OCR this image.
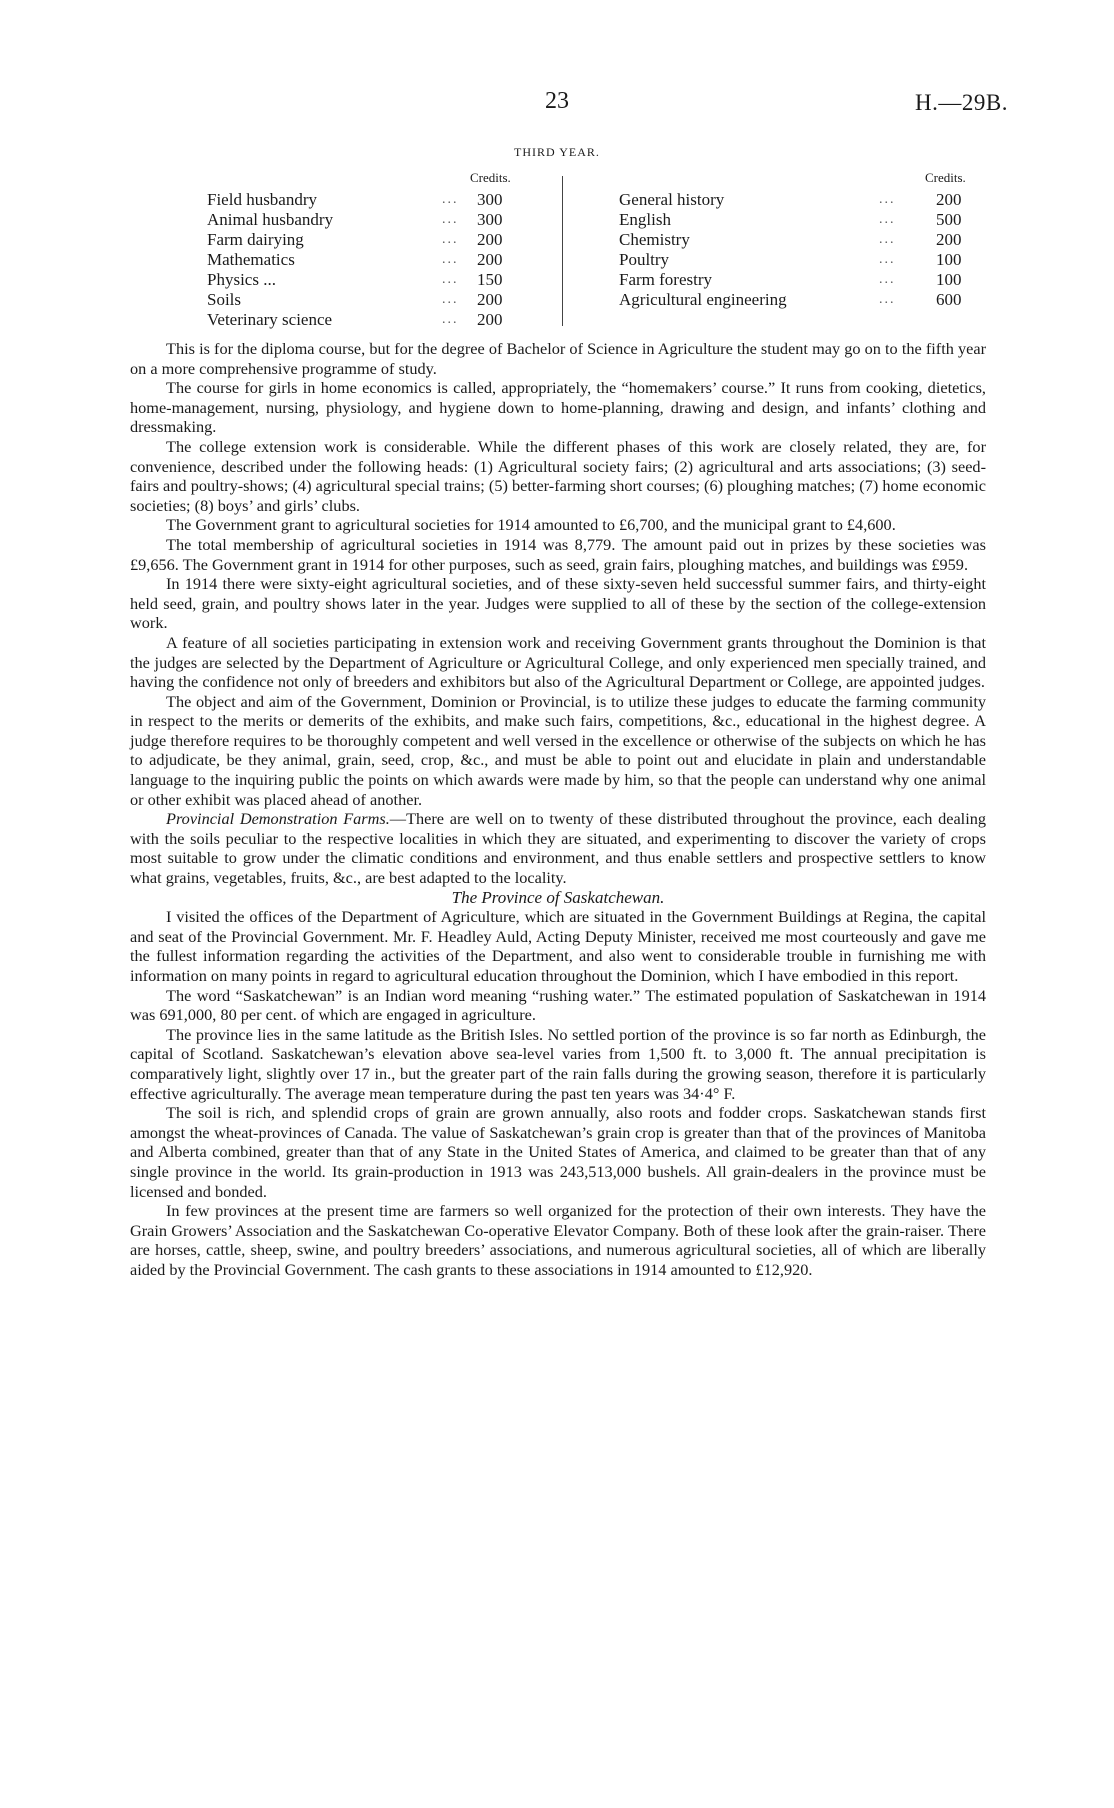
23	H.—29B.
THIRD YEAR.
Credits.
Field husbandry	... 300
Animal husbandry	... 300
Farm dairying	... 200
Mathematics	... 200
Physics ...	... 150
Soils	... 200
Veterinary science	... 200
Credits.
General history	... 200
English	... 500
Chemistry	... 200
Poultry	... 100
Farm forestry	... 100
Agricultural engineering	... 600

This is for the diploma course, but for the degree of Bachelor of Science in Agriculture the student may go on to the fifth year on a more comprehensive programme of study.

The course for girls in home economics is called, appropriately, the “homemakers’ course.” It runs from cooking, dietetics, home-management, nursing, physiology, and hygiene down to home-planning, drawing and design, and infants’ clothing and dressmaking.

The college extension work is considerable. While the different phases of this work are closely related, they are, for convenience, described under the following heads: (1) Agricultural society fairs; (2) agricultural and arts associations; (3) seed-fairs and poultry-shows; (4) agricultural special trains; (5) better-farming short courses; (6) ploughing matches; (7) home economic societies; (8) boys’ and girls’ clubs.

The Government grant to agricultural societies for 1914 amounted to £6,700, and the municipal grant to £4,600.

The total membership of agricultural societies in 1914 was 8,779. The amount paid out in prizes by these societies was £9,656. The Government grant in 1914 for other purposes, such as seed, grain fairs, ploughing matches, and buildings was £959.

In 1914 there were sixty-eight agricultural societies, and of these sixty-seven held successful summer fairs, and thirty-eight held seed, grain, and poultry shows later in the year. Judges were supplied to all of these by the section of the college-extension work.

A feature of all societies participating in extension work and receiving Government grants throughout the Dominion is that the judges are selected by the Department of Agriculture or Agricultural College, and only experienced men specially trained, and having the confidence not only of breeders and exhibitors but also of the Agricultural Department or College, are appointed judges.

The object and aim of the Government, Dominion or Provincial, is to utilize these judges to educate the farming community in respect to the merits or demerits of the exhibits, and make such fairs, competitions, &c., educational in the highest degree. A judge therefore requires to be thoroughly competent and well versed in the excellence or otherwise of the subjects on which he has to adjudicate, be they animal, grain, seed, crop, &c., and must be able to point out and elucidate in plain and understandable language to the inquiring public the points on which awards were made by him, so that the people can understand why one animal or other exhibit was placed ahead of another.

Provincial Demonstration Farms.—There are well on to twenty of these distributed throughout the province, each dealing with the soils peculiar to the respective localities in which they are situated, and experimenting to discover the variety of crops most suitable to grow under the climatic conditions and environment, and thus enable settlers and prospective settlers to know what grains, vegetables, fruits, &c., are best adapted to the locality.

The Province of Saskatchewan.

I visited the offices of the Department of Agriculture, which are situated in the Government Buildings at Regina, the capital and seat of the Provincial Government. Mr. F. Headley Auld, Acting Deputy Minister, received me most courteously and gave me the fullest information regarding the activities of the Department, and also went to considerable trouble in furnishing me with information on many points in regard to agricultural education throughout the Dominion, which I have embodied in this report.

The word “Saskatchewan” is an Indian word meaning “rushing water.” The estimated population of Saskatchewan in 1914 was 691,000, 80 per cent. of which are engaged in agriculture.

The province lies in the same latitude as the British Isles. No settled portion of the province is so far north as Edinburgh, the capital of Scotland. Saskatchewan’s elevation above sea-level varies from 1,500 ft. to 3,000 ft. The annual precipitation is comparatively light, slightly over 17 in., but the greater part of the rain falls during the growing season, therefore it is particularly effective agriculturally. The average mean temperature during the past ten years was 34·4° F.

The soil is rich, and splendid crops of grain are grown annually, also roots and fodder crops. Saskatchewan stands first amongst the wheat-provinces of Canada. The value of Saskatchewan’s grain crop is greater than that of the provinces of Manitoba and Alberta combined, greater than that of any State in the United States of America, and claimed to be greater than that of any single province in the world. Its grain-production in 1913 was 243,513,000 bushels. All grain-dealers in the province must be licensed and bonded.

In few provinces at the present time are farmers so well organized for the protection of their own interests. They have the Grain Growers’ Association and the Saskatchewan Co-operative Elevator Company. Both of these look after the grain-raiser. There are horses, cattle, sheep, swine, and poultry breeders’ associations, and numerous agricultural societies, all of which are liberally aided by the Provincial Government. The cash grants to these associations in 1914 amounted to £12,920.
